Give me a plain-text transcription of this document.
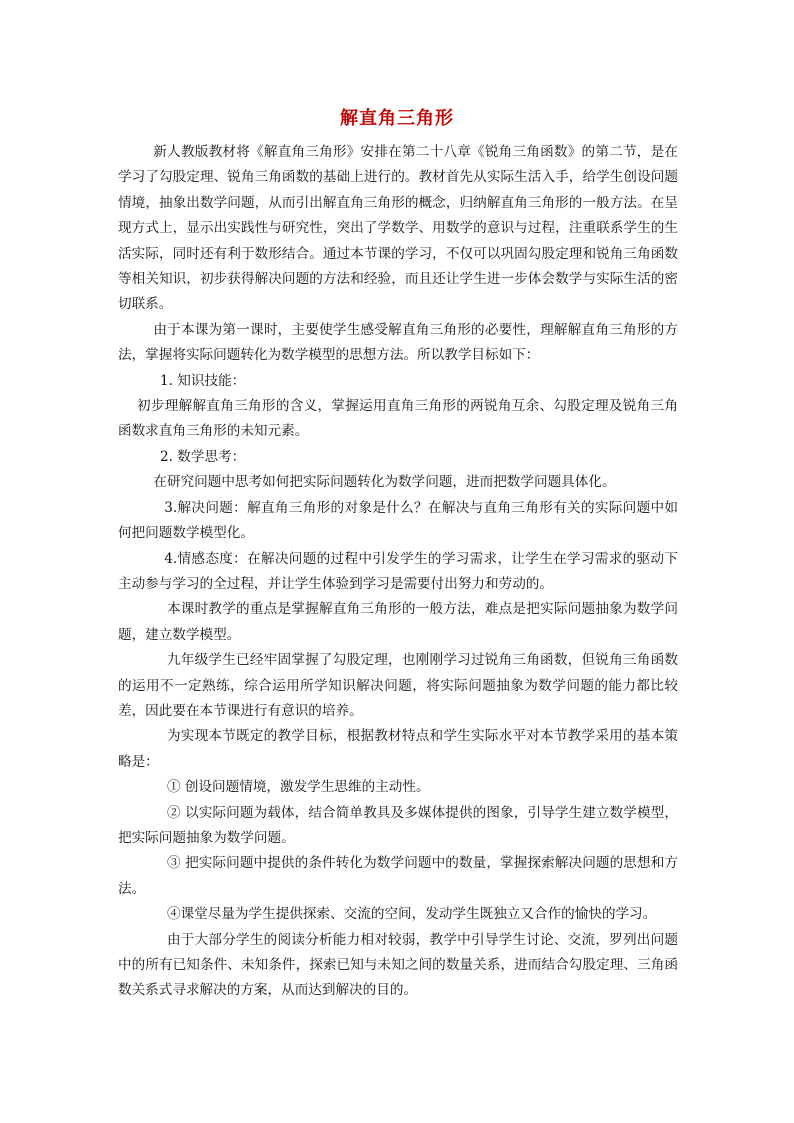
解直角三角形

新人教版教材将《解直角三角形》安排在第二十八章《锐角三角函数》的第二节，是在学习了勾股定理、锐角三角函数的基础上进行的。教材首先从实际生活入手，给学生创设问题情境，抽象出数学问题，从而引出解直角三角形的概念，归纳解直角三角形的一般方法。在呈现方式上，显示出实践性与研究性，突出了学数学、用数学的意识与过程，注重联系学生的生活实际，同时还有利于数形结合。通过本节课的学习，不仅可以巩固勾股定理和锐角三角函数等相关知识，初步获得解决问题的方法和经验，而且还让学生进一步体会数学与实际生活的密切联系。

由于本课为第一课时，主要使学生感受解直角三角形的必要性，理解解直角三角形的方法，掌握将实际问题转化为数学模型的思想方法。所以教学目标如下：

1. 知识技能：

初步理解解直角三角形的含义，掌握运用直角三角形的两锐角互余、勾股定理及锐角三角函数求直角三角形的未知元素。

2. 数学思考：

在研究问题中思考如何把实际问题转化为数学问题，进而把数学问题具体化。

3.解决问题：解直角三角形的对象是什么？在解决与直角三角形有关的实际问题中如何把问题数学模型化。

4.情感态度：在解决问题的过程中引发学生的学习需求，让学生在学习需求的驱动下主动参与学习的全过程，并让学生体验到学习是需要付出努力和劳动的。

本课时教学的重点是掌握解直角三角形的一般方法，难点是把实际问题抽象为数学问题，建立数学模型。

九年级学生已经牢固掌握了勾股定理，也刚刚学习过锐角三角函数，但锐角三角函数的运用不一定熟练，综合运用所学知识解决问题，将实际问题抽象为数学问题的能力都比较差，因此要在本节课进行有意识的培养。

为实现本节既定的教学目标，根据教材特点和学生实际水平对本节教学采用的基本策略是：

① 创设问题情境，激发学生思维的主动性。

② 以实际问题为载体，结合简单教具及多媒体提供的图象，引导学生建立数学模型，把实际问题抽象为数学问题。

③ 把实际问题中提供的条件转化为数学问题中的数量，掌握探索解决问题的思想和方法。

④课堂尽量为学生提供探索、交流的空间，发动学生既独立又合作的愉快的学习。

由于大部分学生的阅读分析能力相对较弱，教学中引导学生讨论、交流，罗列出问题中的所有已知条件、未知条件，探索已知与未知之间的数量关系，进而结合勾股定理、三角函数关系式寻求解决的方案，从而达到解决的目的。
